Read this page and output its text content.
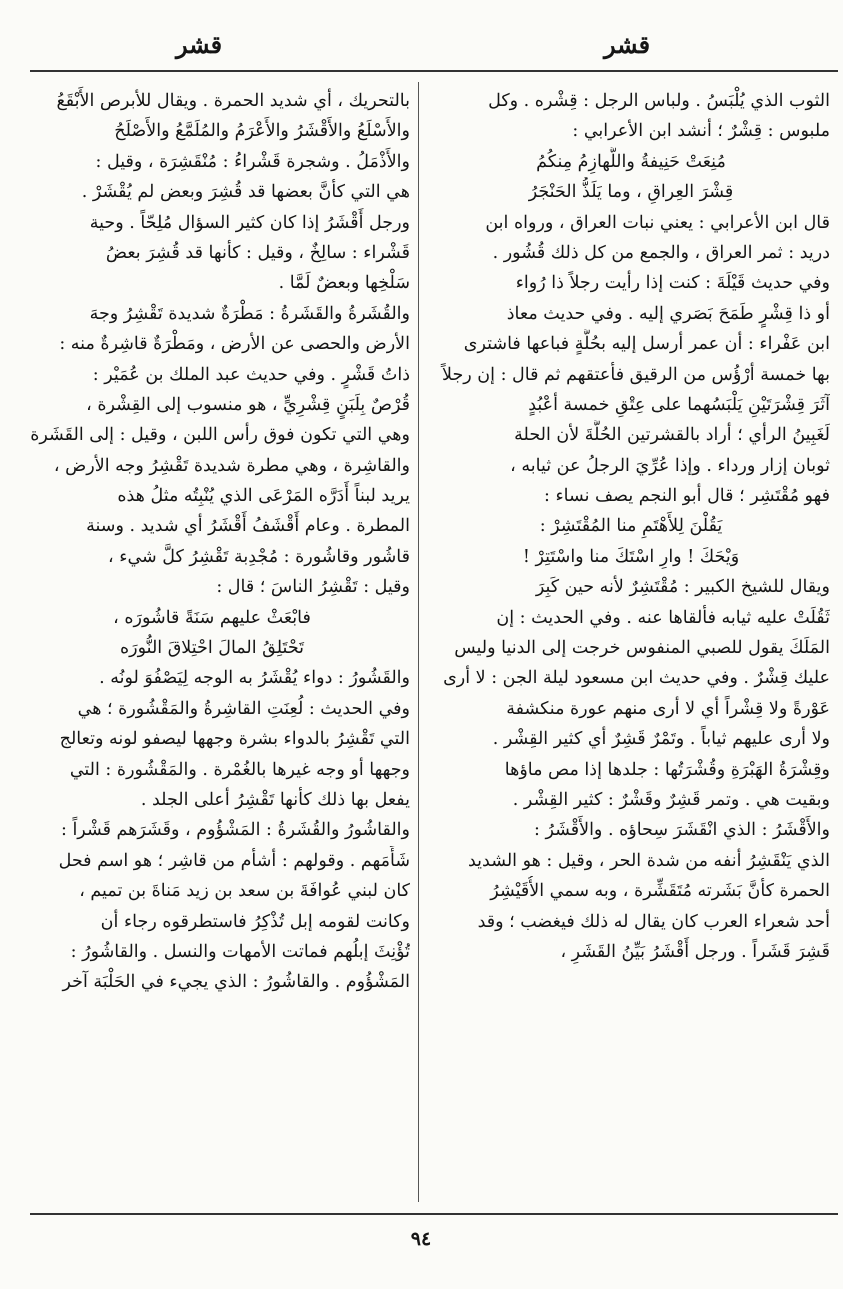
قشر
قشر
الثوب الذي يُلْبَسُ . ولباس الرجل : قِشْره . وكل
ملبوس : قِشْرٌ ؛ أنشد ابن الأعرابي :
مُنِعَتْ حَنِيفةُ واللَّهازِمُ مِنكُمُ
قِشْرَ العِراقِ ، وما يَلَذُّ الحَنْجَرُ
قال ابن الأعرابي : يعني نبات العراق ، ورواه ابن
دريد : ثمر العراق ، والجمع من كل ذلك قُشُور .
وفي حديث قَيْلَةَ : كنت إذا رأيت رجلاً ذا رُواء
أو ذا قِشْرٍ طَمَحَ بَصَري إليه . وفي حديث معاذ
ابن عَفْراء : أن عمر أرسل إليه بحُلَّةٍ فباعها فاشترى
بها خمسة أرْؤُس من الرقيق فأعتقهم ثم قال : إن رجلاً
آثَرَ قِشْرَتَيْنِ يَلْبَسُهما على عِتْقِ خمسة أعْبُدٍ
لَغَبِينُ الرأي ؛ أراد بالقشرتين الحُلَّةَ لأن الحلة
ثوبان إزار ورداء . وإذا عُرِّيَ الرجلُ عن ثيابه ،
فهو مُقْتَشِر ؛ قال أبو النجم يصف نساء :
يَقُلْنَ لِلأَهْتَمِ منا المُقْتَشِرْ :
وَيْحَكَ ! وارِ اسْتَكَ منا واسْتَتِرْ !
ويقال للشيخ الكبير : مُقْتَشِرٌ لأنه حين كَبِرَ
ثَقُلَتْ عليه ثيابه فألقاها عنه . وفي الحديث : إن
المَلَكَ يقول للصبي المنفوس خرجت إلى الدنيا وليس
عليك قِشْرٌ . وفي حديث ابن مسعود ليلة الجن : لا أرى
عَوْرةً ولا قِشْراً أي لا أرى منهم عورة منكشفة
ولا أرى عليهم ثياباً . وتَمْرٌ قَشِرٌ أي كثير القِشْر .
وقِشْرَةُ الهَبْرَةِ وقُشْرَتُها : جلدها إذا مص ماؤها
وبقيت هي . وتمر قَشِرٌ وقَشْرٌ : كثير القِشْر .
والأَقْشَرُ : الذي انْقَشَرَ سِحاؤه . والأَقْشَرُ :
الذي يَنْقَشِرُ أنفه من شدة الحر ، وقيل : هو الشديد
الحمرة كأنَّ بَشَرته مُتَقَشِّرة ، وبه سمي الأُقَيْشِرُ
أحد شعراء العرب كان يقال له ذلك فيغضب ؛ وقد
قَشِرَ قَشَراً . ورجل أَقْشَرُ بَيِّنُ القَشَرِ ،
بالتحريك ، أي شديد الحمرة . ويقال للأبرص الأَبْقَعُ
والأَسْلَعُ والأَقْشَرُ والأَعْرَمُ والمُلَمَّعُ والأَصْلَحُ
والأَذْمَلُ . وشجرة قَشْراءُ : مُنْقَشِرَة ، وقيل :
هي التي كأنَّ بعضها قد قُشِرَ وبعض لم يُقْشَرْ .
ورجل أَقْشَرُ إذا كان كثير السؤال مُلِحّاً . وحية
قَشْراء : سالِخٌ ، وقيل : كأنها قد قُشِرَ بعضُ
سَلْخِها وبعضٌ لَمَّا .
والقُشَرةُ والقَشَرةُ : مَطْرَةٌ شديدة تَقْشِرُ وجهَ
الأرض والحصى عن الأرض ، ومَطْرَةٌ قاشِرةٌ منه :
ذاتُ قَشْرٍ . وفي حديث عبد الملك بن عُمَيْر :
قُرْصٌ بِلَبَنٍ قِشْرِيٍّ ، هو منسوب إلى القِشْرة ،
وهي التي تكون فوق رأس اللبن ، وقيل : إلى القَشَرة
والقاشِرة ، وهي مطرة شديدة تَقْشِرُ وجه الأرض ،
يريد لبناً أَدَرَّه المَرْعَى الذي يُنْبِتُه مثلُ هذه
المطرة . وعام أَقْشَفُ أَقْشَرُ أي شديد . وسنة
قاشُور وقاشُورة : مُجْدِبة تَقْشِرُ كلَّ شيء ،
وقيل : تَقْشِرُ الناسَ ؛ قال :
فابْعَثْ عليهم سَنَةً قاشُورَه ،
تَحْتَلِقُ المالَ احْتِلاقَ النُّورَه
والقَشُورُ : دواء يُقْشَرُ به الوجه لِيَصْفُوَ لونُه .
وفي الحديث : لُعِنَتِ القاشِرةُ والمَقْشُورة ؛ هي
التي تَقْشِرُ بالدواء بشرة وجهها ليصفو لونه وتعالج
وجهها أو وجه غيرها بالغُمْرة . والمَقْشُورة : التي
يفعل بها ذلك كأنها تَقْشِرُ أعلى الجلد .
والقاشُورُ والقُشَرةُ : المَشْؤُوم ، وقَشَرَهم قَشْراً :
شَأَمَهم . وقولهم : أشأم من قاشِر ؛ هو اسم فحل
كان لبني عُوافَةَ بن سعد بن زيد مَناةَ بن تميم ،
وكانت لقومه إبل تُذْكِرُ فاستطرقوه رجاء أن
تُؤْنِثَ إبلُهم فماتت الأمهات والنسل . والقاشُورُ :
المَشْؤُوم . والقاشُورُ : الذي يجيء في الحَلْبَة آخر
٩٤
